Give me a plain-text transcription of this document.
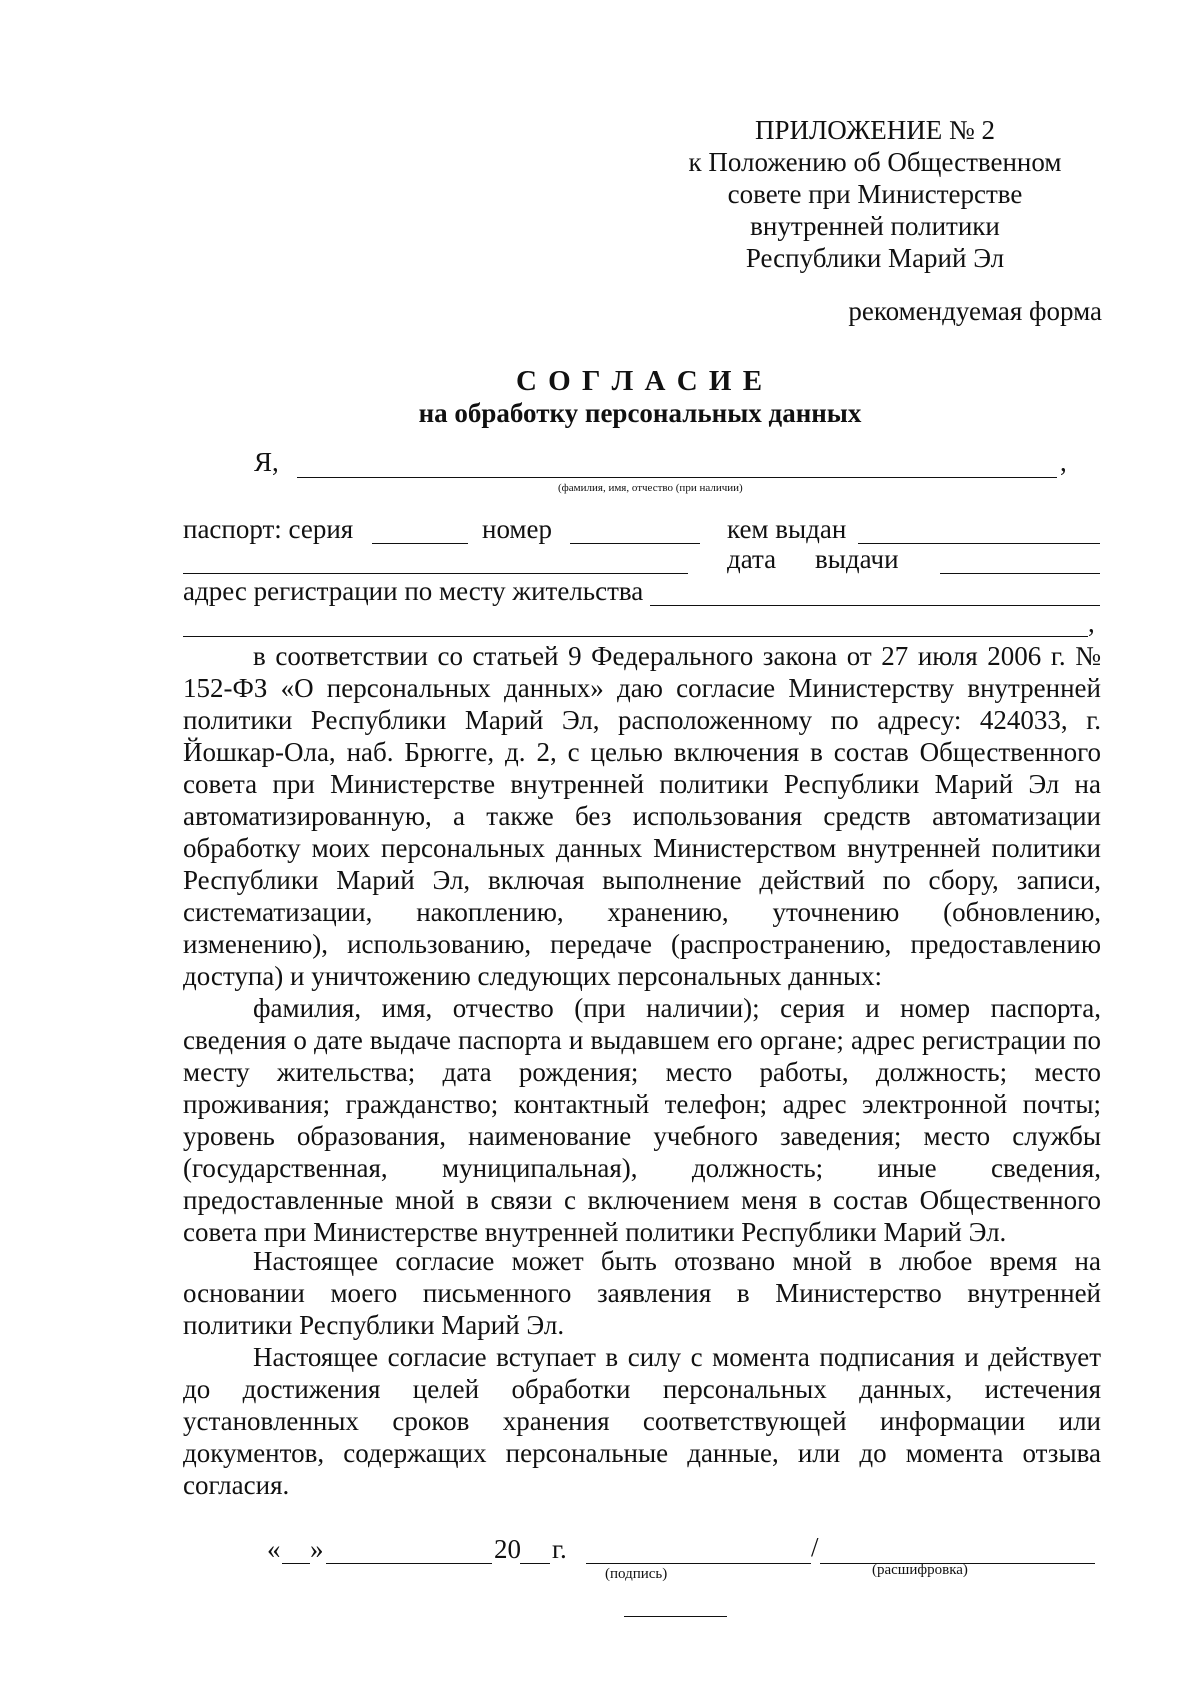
ПРИЛОЖЕНИЕ № 2
к Положению об Общественном
совете при Министерстве
внутренней политики
Республики Марий Эл
рекомендуемая форма
С О Г Л А С И Е
на обработку персональных данных
Я,	,
(фамилия, имя, отчество (при наличии)
паспорт: серия	номер	кем выдан
дата выдачи
адрес регистрации по месту жительства
,
в соответствии со статьей 9 Федерального закона от 27 июля 2006 г. № 152-ФЗ «О персональных данных» даю согласие Министерству внутренней политики Республики Марий Эл, расположенному по адресу: 424033, г. Йошкар-Ола, наб. Брюгге, д. 2, с целью включения в состав Общественного совета при Министерстве внутренней политики Республики Марий Эл на автоматизированную, а также без использования средств автоматизации обработку моих персональных данных Министерством внутренней политики Республики Марий Эл, включая выполнение действий по сбору, записи, систематизации, накоплению, хранению, уточнению (обновлению, изменению), использованию, передаче (распространению, предоставлению доступа) и уничтожению следующих персональных данных:
фамилия, имя, отчество (при наличии); серия и номер паспорта, сведения о дате выдаче паспорта и выдавшем его органе; адрес регистрации по месту жительства; дата рождения; место работы, должность; место проживания; гражданство; контактный телефон; адрес электронной почты; уровень образования, наименование учебного заведения; место службы (государственная, муниципальная), должность; иные сведения, предоставленные мной в связи с включением меня в состав Общественного совета при Министерстве внутренней политики Республики Марий Эл.
Настоящее согласие может быть отозвано мной в любое время на основании моего письменного заявления в Министерство внутренней политики Республики Марий Эл.
Настоящее согласие вступает в силу с момента подписания и действует до достижения целей обработки персональных данных, истечения установленных сроков хранения соответствующей информации или документов, содержащих персональные данные, или до момента отзыва согласия.
« »	20 г.	/
(подпись)	(расшифровка)
